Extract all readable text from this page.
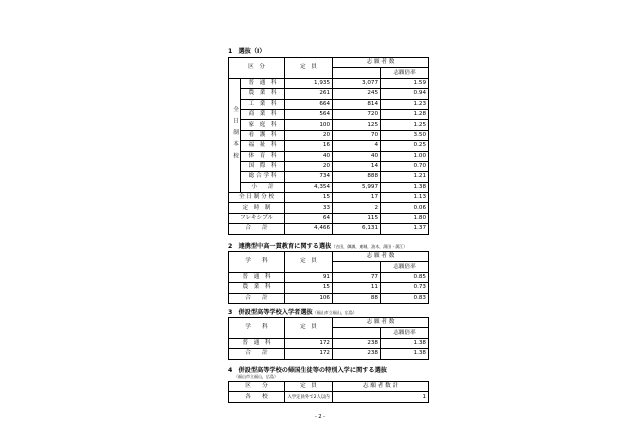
1　選抜（Ⅰ）
区　分		定　員	志 願 者 数	
				志願倍率
全日制本校	普　通　科	1,935	3,077	1.59
	農　業　科	261	245	0.94
	工　業　科	664	814	1.23
	商　業　科	564	720	1.28
	家　庭　科	100	125	1.25
	看　護　科	20	70	3.50
	福　祉　科	16	4	0.25
	体　育　科	40	40	1.00
	国　際　科	20	14	0.70
	総 合 学 科	734	888	1.21
	小　　計	4,354	5,997	1.38
全 日 制 分 校		15	17	1.13
定　時　制		33	2	0.06
フレキシブル		64	115	1.80
合　　計		4,466	6,131	1.37
2　連携型中高一貫教育に関する選抜（吉田，御調，東城，油木，湯田・蒲江）
学　　科	定　員	志 願 者 数	
			志願倍率
普　通　科	91	77	0.85
農　業　科	15	11	0.73
合　　計	106	88	0.83
3　併設型高等学校入学者選抜（福山市立福山，広島）
学　　科	定　員	志 願 者 数	
			志願倍率
普　通　科	172	238	1.38
合　　計	172	238	1.38
4　併設型高等学校の帰国生徒等の特別入学に関する選抜
（福山市立福山，広島）
区　　分	定　員	志 願 者 数 計
各　　校	入学定員外で2人以内	1
- 2 -
